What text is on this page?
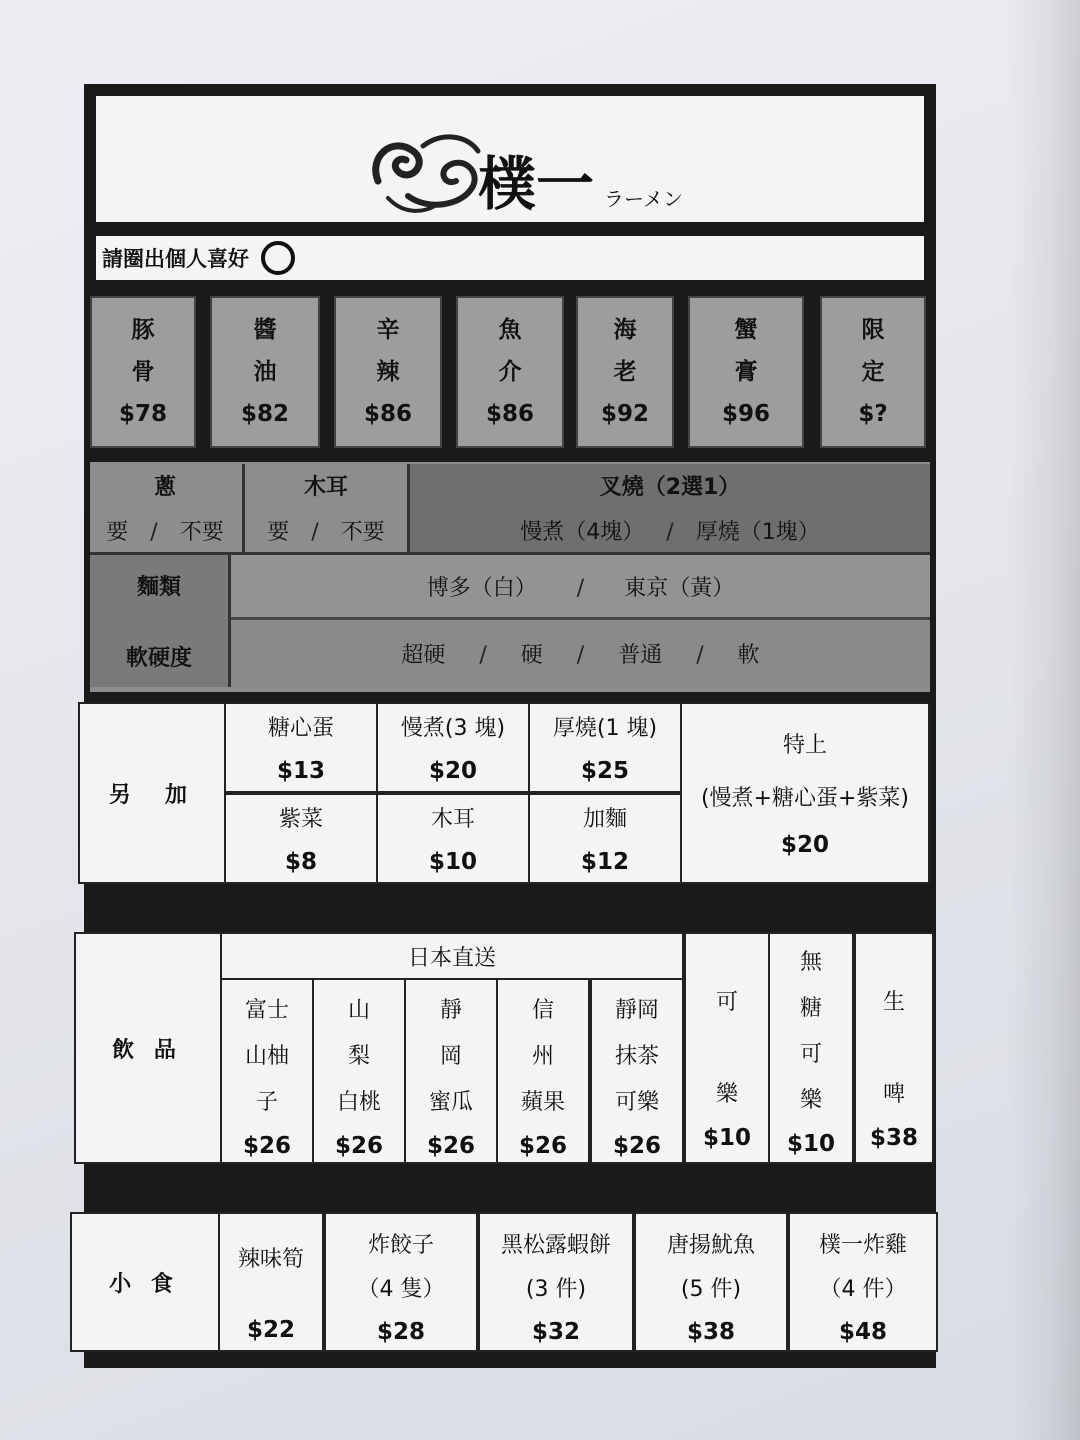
樸一 ラーメン
請圈出個人喜好
豚
骨
$78
醬
油
$82
辛
辣
$86
魚
介
$86
海
老
$92
蟹
膏
$96
限
定
$?
蔥
要 / 不要
木耳
要 / 不要
叉燒（2選1）
慢煮（4塊） / 厚燒（1塊）
麵類
軟硬度
博多（白） / 東京（黃）
超硬 / 硬 / 普通 / 軟
另　加
糖心蛋
$13
慢煮(3 塊)
$20
厚燒(1 塊)
$25
紫菜
$8
木耳
$10
加麵
$12
特上
(慢煮+糖心蛋+紫菜)
$20
飲 品
日本直送
富士
山柚
子
$26
山
梨
白桃
$26
靜
岡
蜜瓜
$26
信
州
蘋果
$26
靜岡
抹茶
可樂
$26
可
樂
$10
無
糖
可
樂
$10
生
啤
$38
小 食
辣味筍
$22
炸餃子
（4 隻）
$28
黑松露蝦餅
(3 件)
$32
唐揚魷魚
(5 件)
$38
樸一炸雞
（4 件）
$48
